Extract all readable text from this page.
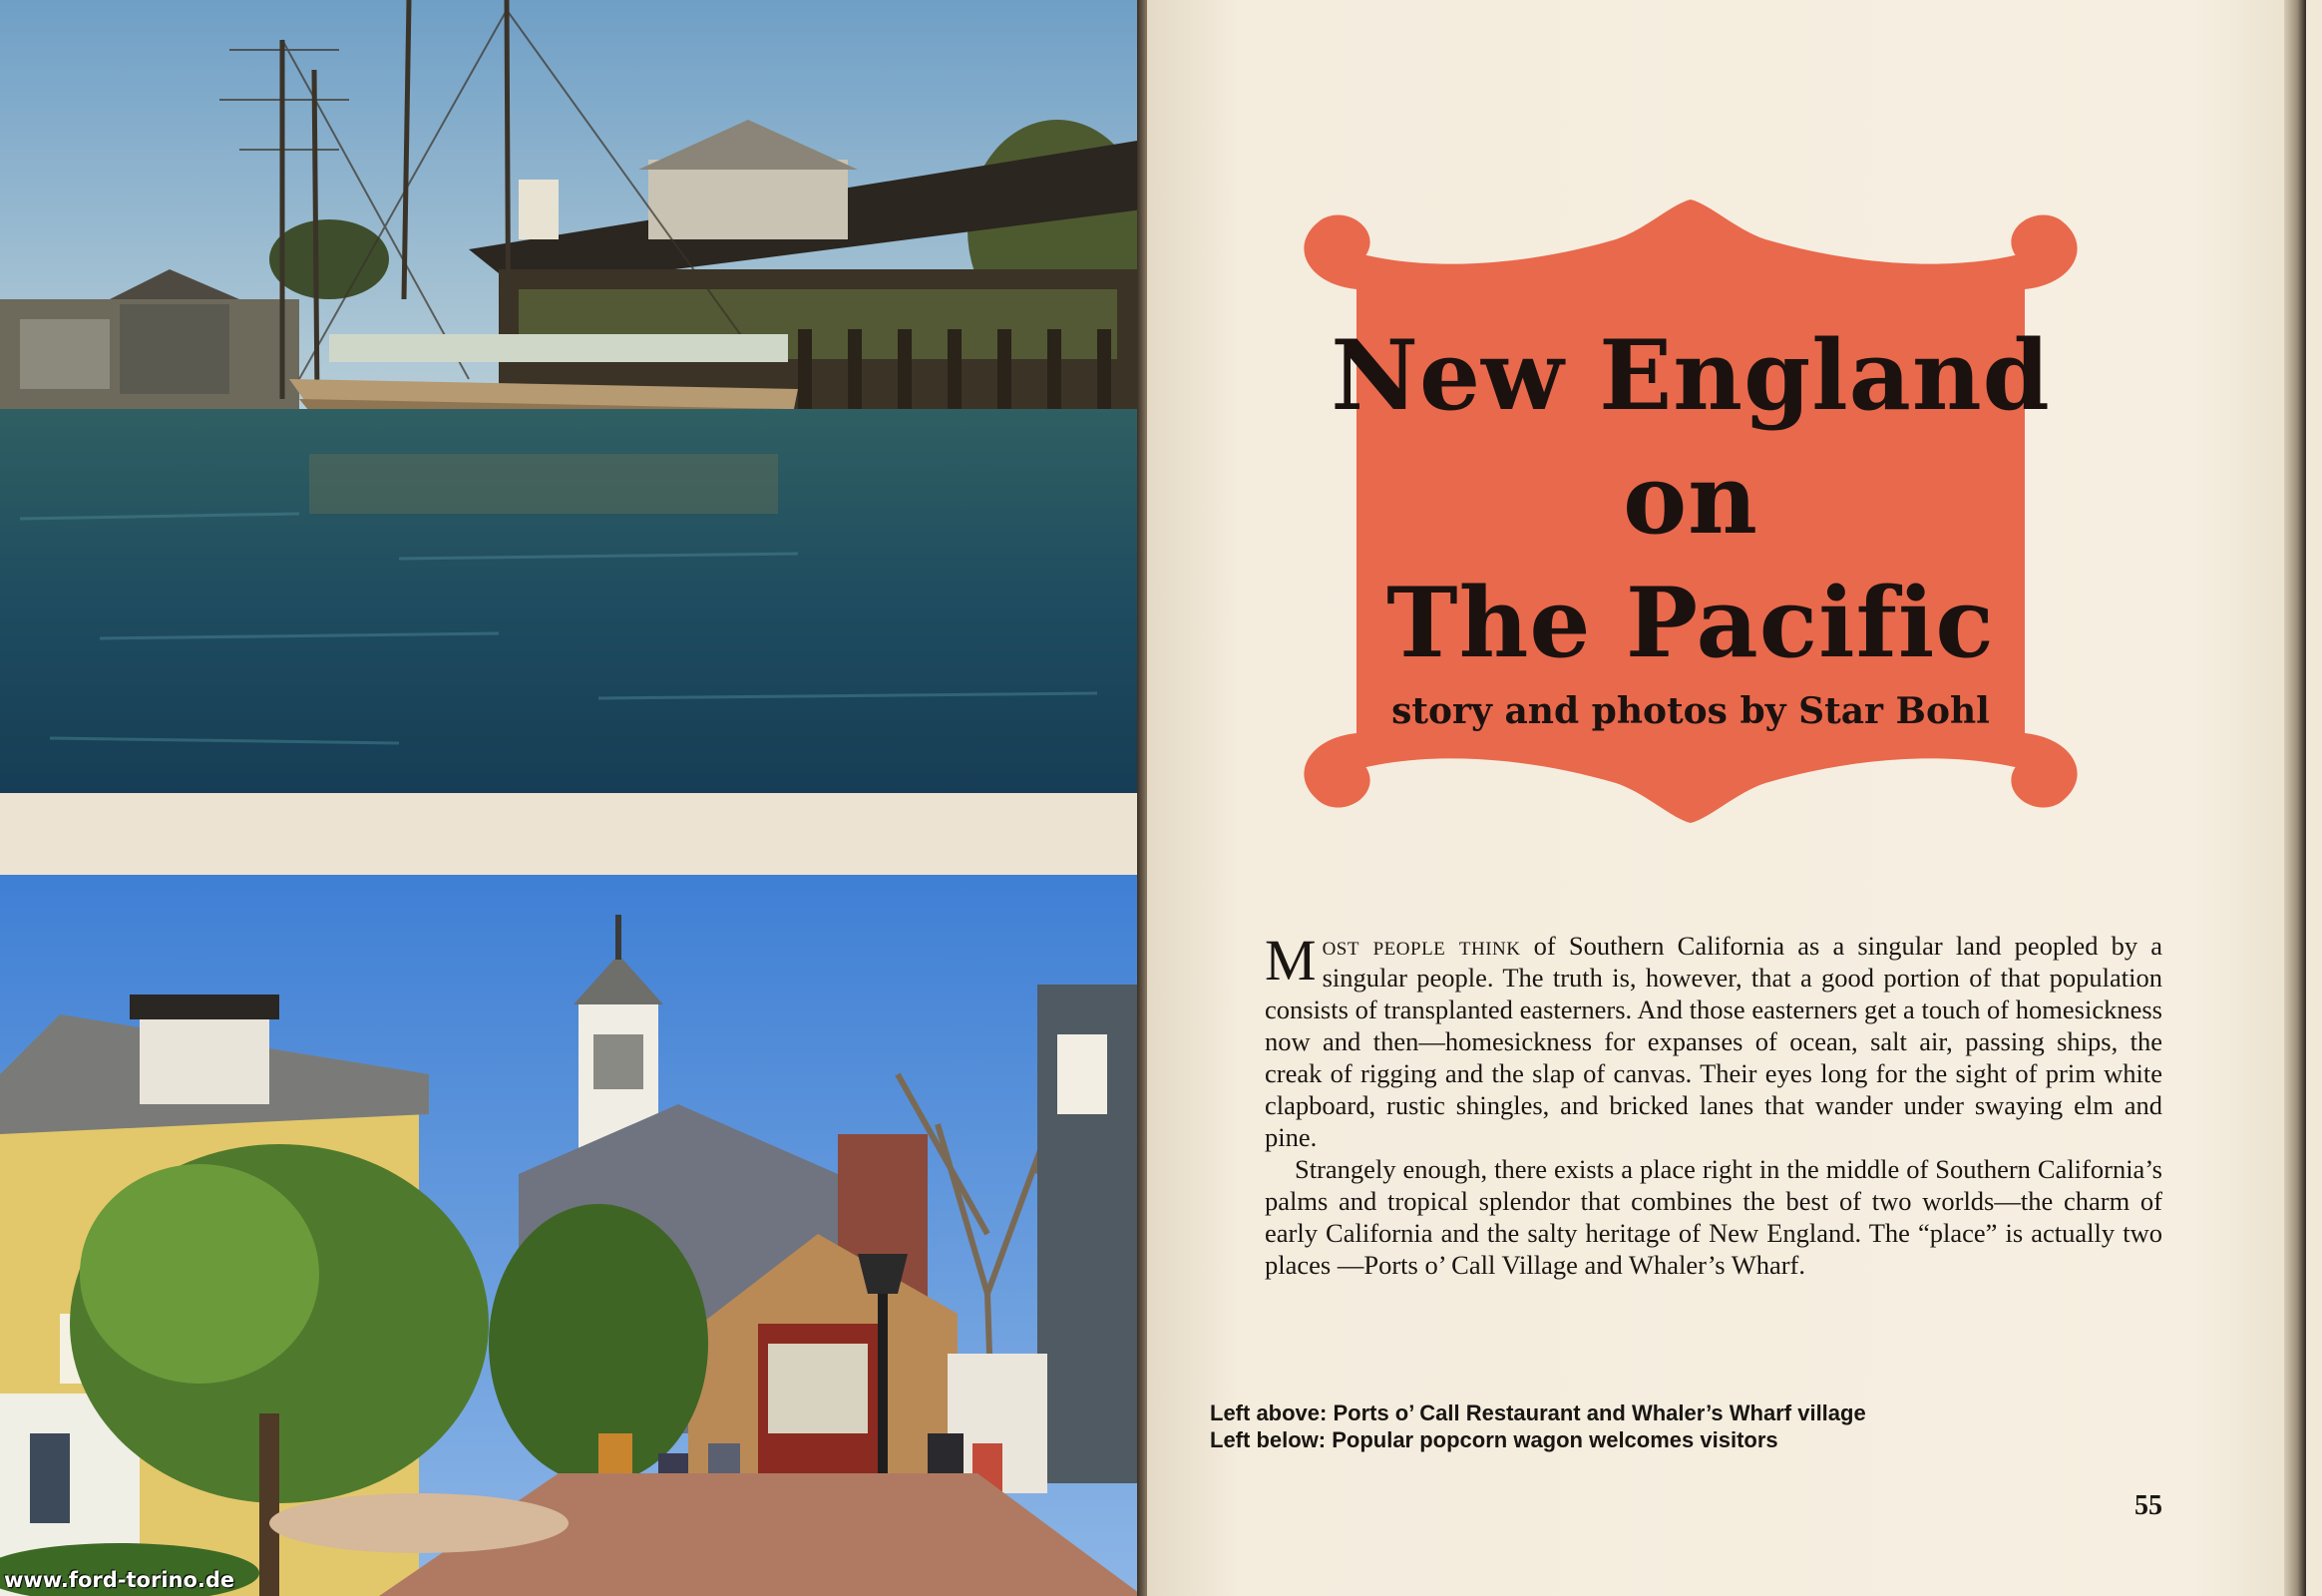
www.ford-torino.de
New England
on
The Pacific
story and photos by Star Bohl

Most people think of Southern California as a singular land peopled by a singular people. The truth is, however, that a good portion of that population consists of transplanted easterners. And those easterners get a touch of homesickness now and then—homesickness for expanses of ocean, salt air, passing ships, the creak of rigging and the slap of canvas. Their eyes long for the sight of prim white clapboard, rustic shingles, and bricked lanes that wander under swaying elm and pine.

Strangely enough, there exists a place right in the middle of Southern California’s palms and tropical splendor that combines the best of two worlds—the charm of early California and the salty heritage of New England. The “place” is actually two places —Ports o’ Call Village and Whaler’s Wharf.

Left above: Ports o’ Call Restaurant and Whaler’s Wharf village
Left below: Popular popcorn wagon welcomes visitors
55
